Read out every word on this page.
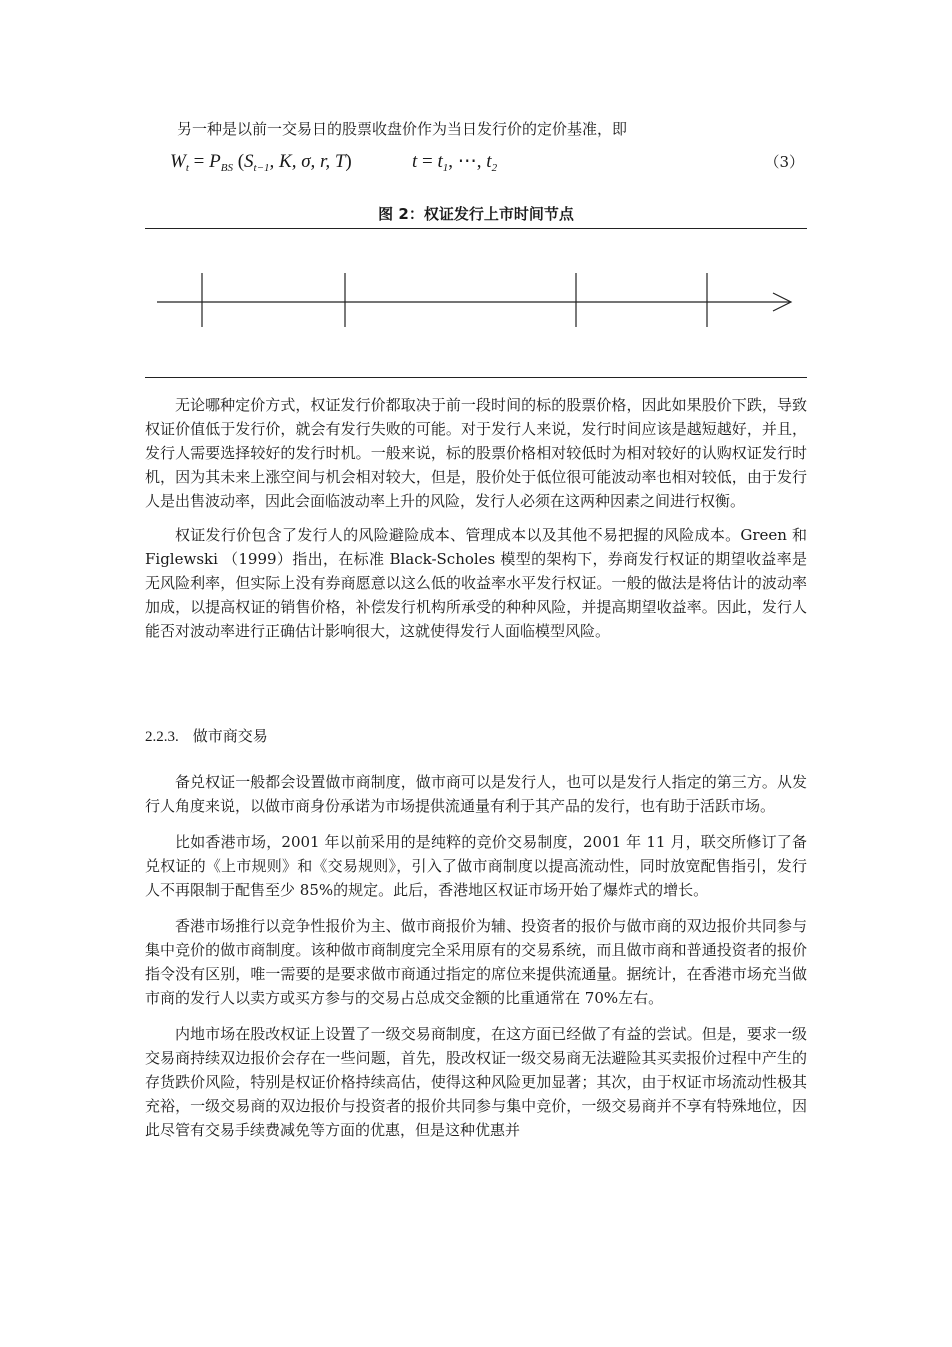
另一种是以前一交易日的股票收盘价作为当日发行价的定价基准，即
$W_t = P_{BS}$ ($S_{t-1}$, K, σ, r, T)	$t = t_1$, ⋯, $t_2$	（3）
图 2：权证发行上市时间节点

无论哪种定价方式，权证发行价都取决于前一段时间的标的股票价格，因此如果股价下跌，导致权证价值低于发行价，就会有发行失败的可能。对于发行人来说，发行时间应该是越短越好，并且，发行人需要选择较好的发行时机。一般来说，标的股票价格相对较低时为相对较好的认购权证发行时机，因为其未来上涨空间与机会相对较大，但是，股价处于低位很可能波动率也相对较低，由于发行人是出售波动率，因此会面临波动率上升的风险，发行人必须在这两种因素之间进行权衡。

权证发行价包含了发行人的风险避险成本、管理成本以及其他不易把握的风险成本。Green 和 Figlewski （1999）指出，在标准 Black-Scholes 模型的架构下，券商发行权证的期望收益率是无风险利率，但实际上没有券商愿意以这么低的收益率水平发行权证。一般的做法是将估计的波动率加成，以提高权证的销售价格，补偿发行机构所承受的种种风险，并提高期望收益率。因此，发行人能否对波动率进行正确估计影响很大，这就使得发行人面临模型风险。

2.2.3. 做市商交易

备兑权证一般都会设置做市商制度，做市商可以是发行人，也可以是发行人指定的第三方。从发行人角度来说，以做市商身份承诺为市场提供流通量有利于其产品的发行，也有助于活跃市场。

比如香港市场，2001 年以前采用的是纯粹的竞价交易制度，2001 年 11 月，联交所修订了备兑权证的《上市规则》和《交易规则》，引入了做市商制度以提高流动性，同时放宽配售指引，发行人不再限制于配售至少 85%的规定。此后，香港地区权证市场开始了爆炸式的增长。

香港市场推行以竞争性报价为主、做市商报价为辅、投资者的报价与做市商的双边报价共同参与集中竞价的做市商制度。该种做市商制度完全采用原有的交易系统，而且做市商和普通投资者的报价指令没有区别，唯一需要的是要求做市商通过指定的席位来提供流通量。据统计，在香港市场充当做市商的发行人以卖方或买方参与的交易占总成交金额的比重通常在 70%左右。

内地市场在股改权证上设置了一级交易商制度，在这方面已经做了有益的尝试。但是，要求一级交易商持续双边报价会存在一些问题，首先，股改权证一级交易商无法避险其买卖报价过程中产生的存货跌价风险，特别是权证价格持续高估，使得这种风险更加显著；其次，由于权证市场流动性极其充裕，一级交易商的双边报价与投资者的报价共同参与集中竞价，一级交易商并不享有特殊地位，因此尽管有交易手续费减免等方面的优惠，但是这种优惠并
